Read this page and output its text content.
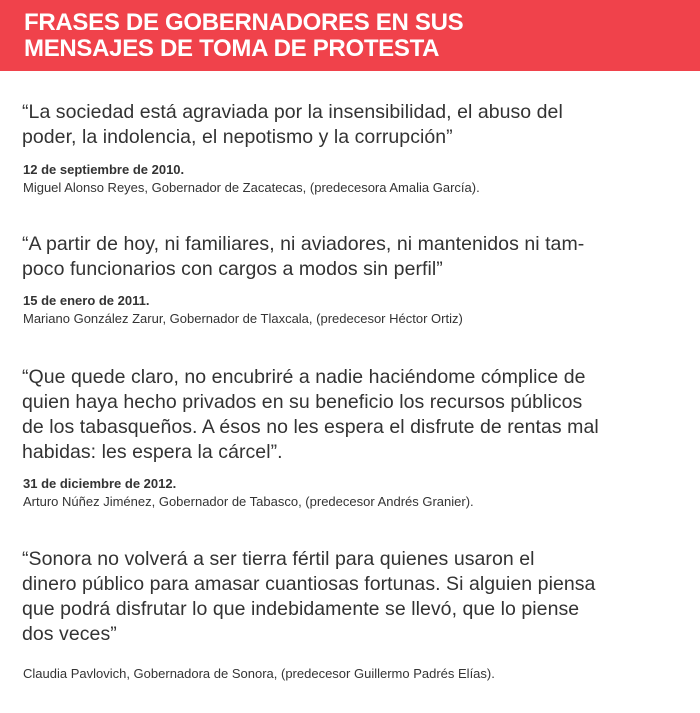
FRASES DE GOBERNADORES EN SUS
MENSAJES DE TOMA DE PROTESTA

“La sociedad está agraviada por la insensibilidad, el abuso del
poder, la indolencia, el nepotismo y la corrupción”

12 de septiembre de 2010.

Miguel Alonso Reyes, Gobernador de Zacatecas, (predecesora Amalia García).

“A partir de hoy, ni familiares, ni aviadores, ni mantenidos ni tam-
poco funcionarios con cargos a modos sin perfil”

15 de enero de 2011.

Mariano González Zarur, Gobernador de Tlaxcala, (predecesor Héctor Ortiz)

“Que quede claro, no encubriré a nadie haciéndome cómplice de
quien haya hecho privados en su beneficio los recursos públicos
de los tabasqueños. A ésos no les espera el disfrute de rentas mal
habidas: les espera la cárcel”.

31 de diciembre de 2012.

Arturo Núñez Jiménez, Gobernador de Tabasco, (predecesor Andrés Granier).

“Sonora no volverá a ser tierra fértil para quienes usaron el
dinero público para amasar cuantiosas fortunas. Si alguien piensa
que podrá disfrutar lo que indebidamente se llevó, que lo piense
dos veces”

Claudia Pavlovich, Gobernadora de Sonora, (predecesor Guillermo Padrés Elías).
